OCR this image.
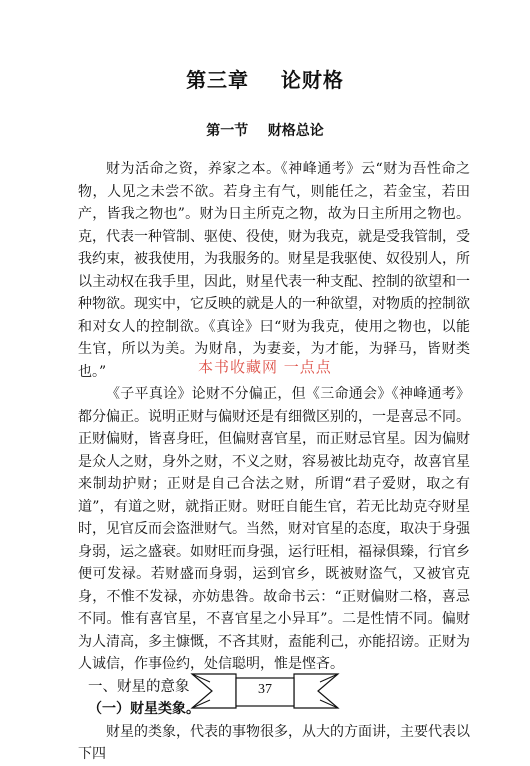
第三章    论财格
第一节    财格总论

财为活命之资，养家之本。《神峰通考》云“财为吾性命之物，人见之未尝不欲。若身主有气，则能任之，若金宝，若田产，皆我之物也”。财为日主所克之物，故为日主所用之物也。克，代表一种管制、驱使、役使，财为我克，就是受我管制，受我约束，被我使用，为我服务的。财星是我驱使、奴役别人，所以主动权在我手里，因此，财星代表一种支配、控制的欲望和一种物欲。现实中，它反映的就是人的一种欲望，对物质的控制欲和对女人的控制欲。《真诠》曰“财为我克，使用之物也，以能生官，所以为美。为财帛，为妻妾，为才能，为驿马，皆财类也。”

《子平真诠》论财不分偏正，但《三命通会》《神峰通考》都分偏正。说明正财与偏财还是有细微区别的，一是喜忌不同。正财偏财，皆喜身旺，但偏财喜官星，而正财忌官星。因为偏财是众人之财，身外之财，不义之财，容易被比劫克夺，故喜官星来制劫护财；正财是自己合法之财，所谓“君子爱财，取之有道”，有道之财，就指正财。财旺自能生官，若无比劫克夺财星时，见官反而会盗泄财气。当然，财对官星的态度，取决于身强身弱，运之盛衰。如财旺而身强，运行旺相，福禄俱臻，行官乡便可发禄。若财盛而身弱，运到官乡，既被财盗气，又被官克身，不惟不发禄，亦妨患咎。故命书云：“正财偏财二格，喜忌不同。惟有喜官星，不喜官星之小异耳”。二是性情不同。偏财为人清高，多主慷慨，不吝其财，盍能利己，亦能招谤。正财为人诚信，作事俭约，处信聪明，惟是悭吝。

一、财星的意象
（一）财星类象。

财星的类象，代表的事物很多，从大的方面讲，主要代表以下四

本书收藏网 一点点
37
